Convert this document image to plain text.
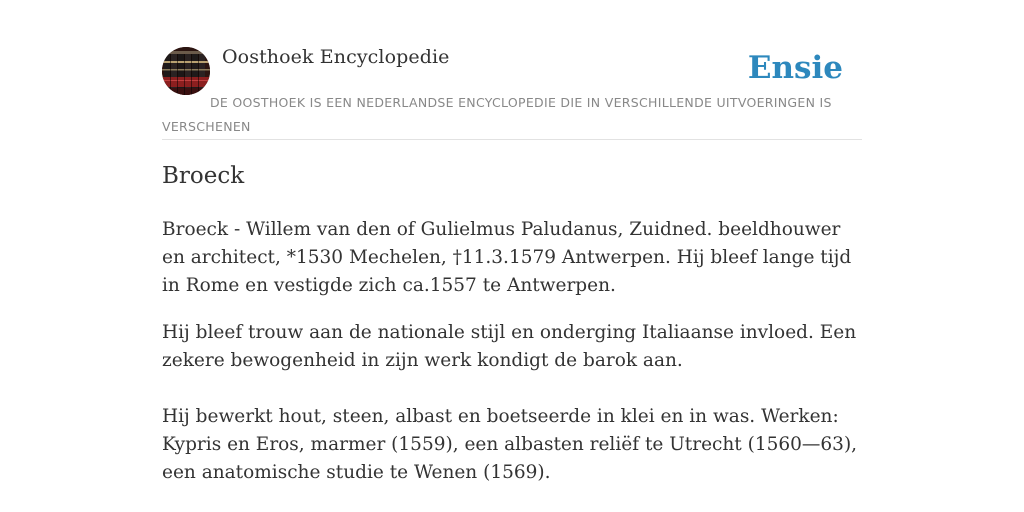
Oosthoek Encyclopedie	Ensie
DE OOSTHOEK IS EEN NEDERLANDSE ENCYCLOPEDIE DIE IN VERSCHILLENDE UITVOERINGEN IS VERSCHENEN
Broeck

Broeck - Willem van den of Gulielmus Paludanus, Zuidned. beeldhouwer en architect, *1530 Mechelen, †11.3.1579 Antwerpen. Hij bleef lange tijd in Rome en vestigde zich ca.1557 te Antwerpen.

Hij bleef trouw aan de nationale stijl en onderging Italiaanse invloed. Een zekere bewogenheid in zijn werk kondigt de barok aan.

Hij bewerkt hout, steen, albast en boetseerde in klei en in was. Werken: Kypris en Eros, marmer (1559), een albasten reliëf te Utrecht (1560—63), een anatomische studie te Wenen (1569).
